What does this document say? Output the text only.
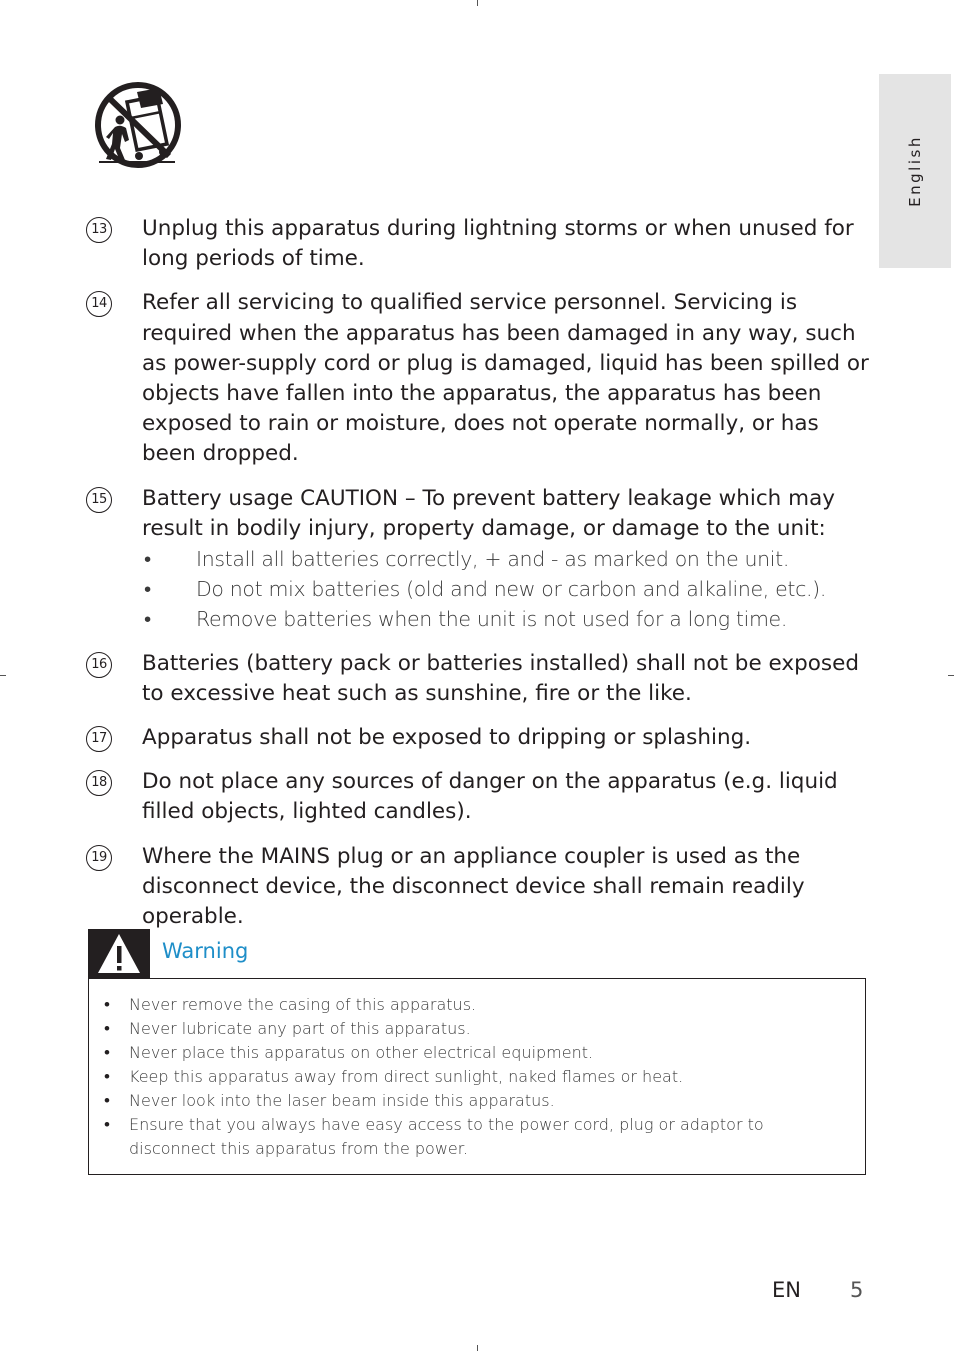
English
13 Unplug this apparatus during lightning storms or when unused for long periods of time.
14 Refer all servicing to qualified service personnel. Servicing is required when the apparatus has been damaged in any way, such as power-supply cord or plug is damaged, liquid has been spilled or objects have fallen into the apparatus, the apparatus has been exposed to rain or moisture, does not operate normally, or has been dropped.
15 Battery usage CAUTION – To prevent battery leakage which may result in bodily injury, property damage, or damage to the unit:
• Install all batteries correctly, + and - as marked on the unit.
• Do not mix batteries (old and new or carbon and alkaline, etc.).
• Remove batteries when the unit is not used for a long time.
16 Batteries (battery pack or batteries installed) shall not be exposed to excessive heat such as sunshine, fire or the like.
17 Apparatus shall not be exposed to dripping or splashing.
18 Do not place any sources of danger on the apparatus (e.g. liquid filled objects, lighted candles).
19 Where the MAINS plug or an appliance coupler is used as the disconnect device, the disconnect device shall remain readily operable.
Warning
• Never remove the casing of this apparatus.
• Never lubricate any part of this apparatus.
• Never place this apparatus on other electrical equipment.
• Keep this apparatus away from direct sunlight, naked flames or heat.
• Never look into the laser beam inside this apparatus.
• Ensure that you always have easy access to the power cord, plug or adaptor to disconnect this apparatus from the power.
EN 5
